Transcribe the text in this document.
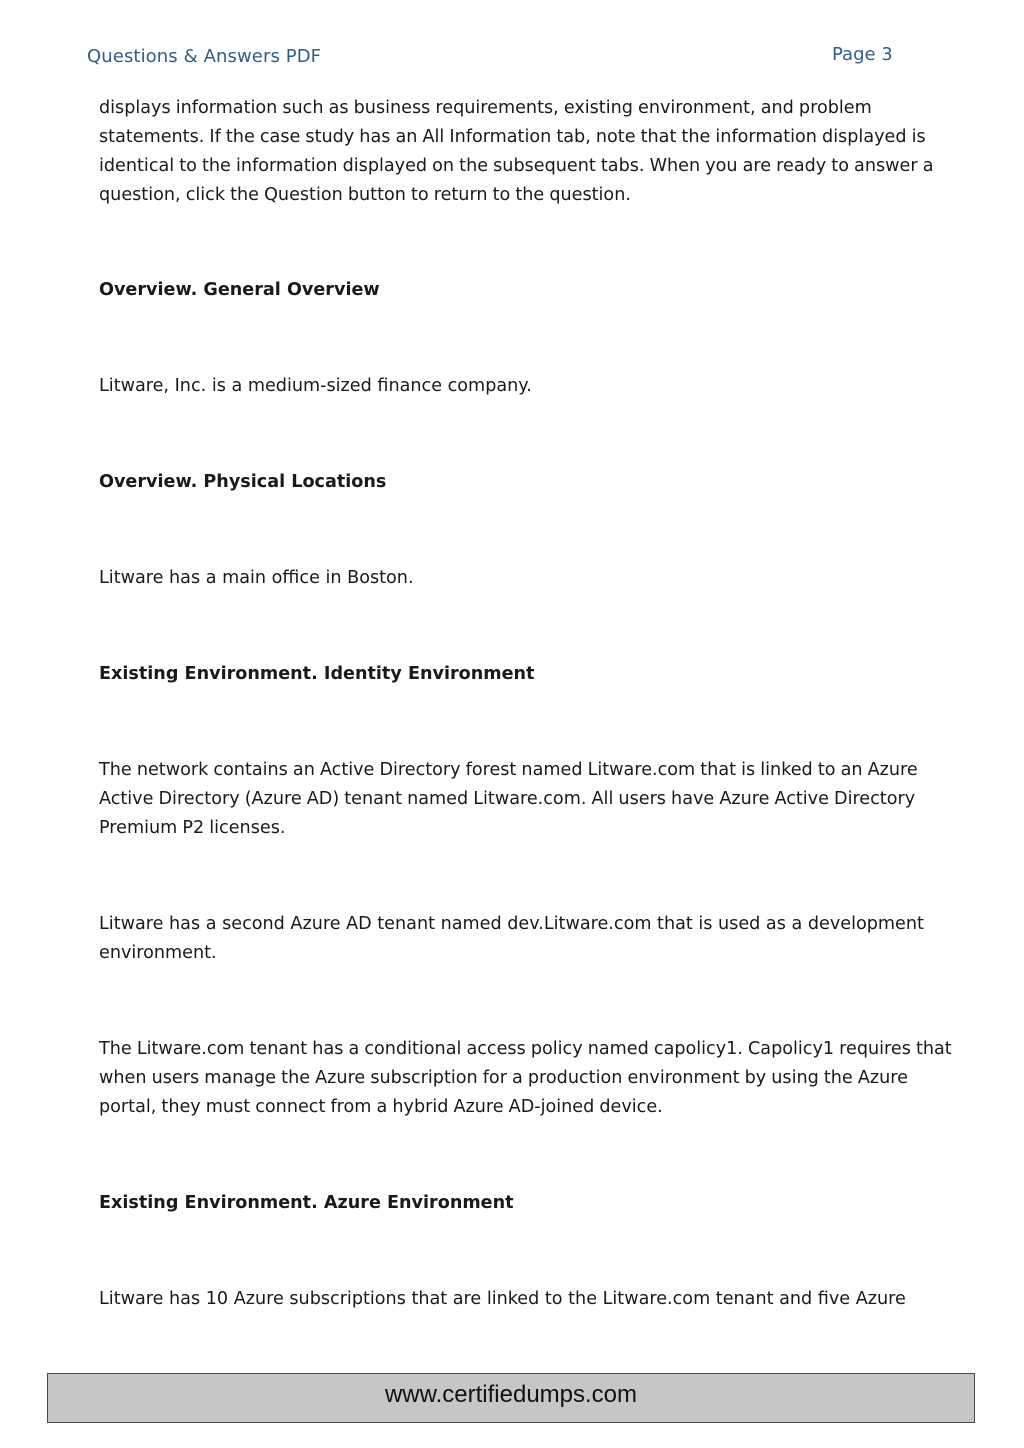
Questions & Answers PDF	Page 3

displays information such as business requirements, existing environment, and problem statements. If the case study has an All Information tab, note that the information displayed is identical to the information displayed on the subsequent tabs. When you are ready to answer a question, click the Question button to return to the question.

Overview. General Overview

Litware, Inc. is a medium-sized finance company.

Overview. Physical Locations

Litware has a main office in Boston.

Existing Environment. Identity Environment

The network contains an Active Directory forest named Litware.com that is linked to an Azure Active Directory (Azure AD) tenant named Litware.com. All users have Azure Active Directory Premium P2 licenses.

Litware has a second Azure AD tenant named dev.Litware.com that is used as a development environment.

The Litware.com tenant has a conditional access policy named capolicy1. Capolicy1 requires that when users manage the Azure subscription for a production environment by using the Azure portal, they must connect from a hybrid Azure AD-joined device.

Existing Environment. Azure Environment

Litware has 10 Azure subscriptions that are linked to the Litware.com tenant and five Azure

www.certifiedumps.com
